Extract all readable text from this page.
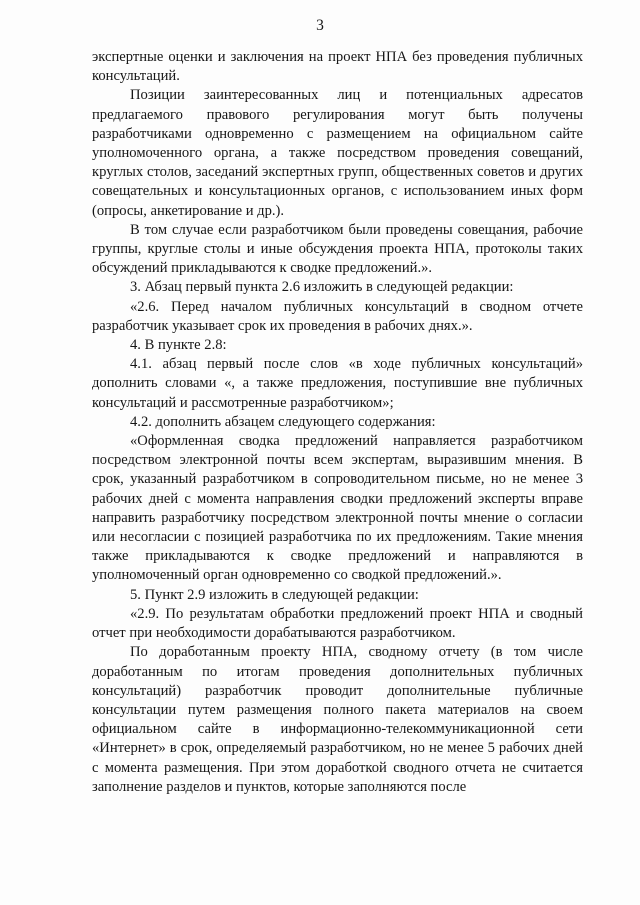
3

экспертные оценки и заключения на проект НПА без проведения публичных консультаций.

Позиции заинтересованных лиц и потенциальных адресатов предлагаемого правового регулирования могут быть получены разработчиками одновременно с размещением на официальном сайте уполномоченного органа, а также посредством проведения совещаний, круглых столов, заседаний экспертных групп, общественных советов и других совещательных и консультационных органов, с использованием иных форм (опросы, анкетирование и др.).

В том случае если разработчиком были проведены совещания, рабочие группы, круглые столы и иные обсуждения проекта НПА, протоколы таких обсуждений прикладываются к сводке предложений.».

3. Абзац первый пункта 2.6 изложить в следующей редакции:

«2.6. Перед началом публичных консультаций в сводном отчете разработчик указывает срок их проведения в рабочих днях.».

4. В пункте 2.8:

4.1. абзац первый после слов «в ходе публичных консультаций» дополнить словами «, а также предложения, поступившие вне публичных консультаций и рассмотренные разработчиком»;

4.2. дополнить абзацем следующего содержания:

«Оформленная сводка предложений направляется разработчиком посредством электронной почты всем экспертам, выразившим мнения. В срок, указанный разработчиком в сопроводительном письме, но не менее 3 рабочих дней с момента направления сводки предложений эксперты вправе направить разработчику посредством электронной почты мнение о согласии или несогласии с позицией разработчика по их предложениям. Такие мнения также прикладываются к сводке предложений и направляются в уполномоченный орган одновременно со сводкой предложений.».

5. Пункт 2.9 изложить в следующей редакции:

«2.9. По результатам обработки предложений проект НПА и сводный отчет при необходимости дорабатываются разработчиком.

По доработанным проекту НПА, сводному отчету (в том числе доработанным по итогам проведения дополнительных публичных консультаций) разработчик проводит дополнительные публичные консультации путем размещения полного пакета материалов на своем официальном сайте в информационно-телекоммуникационной сети «Интернет» в срок, определяемый разработчиком, но не менее 5 рабочих дней с момента размещения. При этом доработкой сводного отчета не считается заполнение разделов и пунктов, которые заполняются после
